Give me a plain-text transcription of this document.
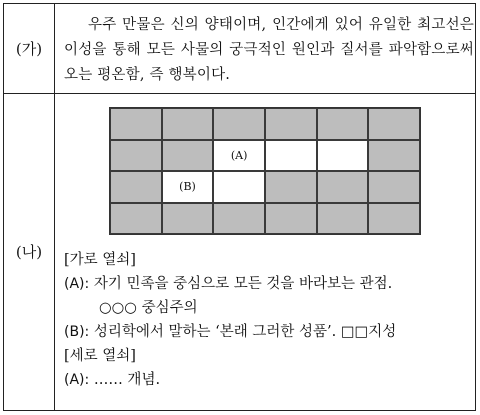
(가)
우주 만물은 신의 양태이며, 인간에게 있어 유일한 최고선은 이성을 통해 모든 사물의 궁극적인 원인과 질서를 파악함으로써 오는 평온함, 즉 행복이다.
(나)
(A)
(B)
[가로 열쇠]
(A): 자기 민족을 중심으로 모든 것을 바라보는 관점.
○○○ 중심주의
(B): 성리학에서 말하는 ‘본래 그러한 성품’. □□지성
[세로 열쇠]
(A): …… 개념.
